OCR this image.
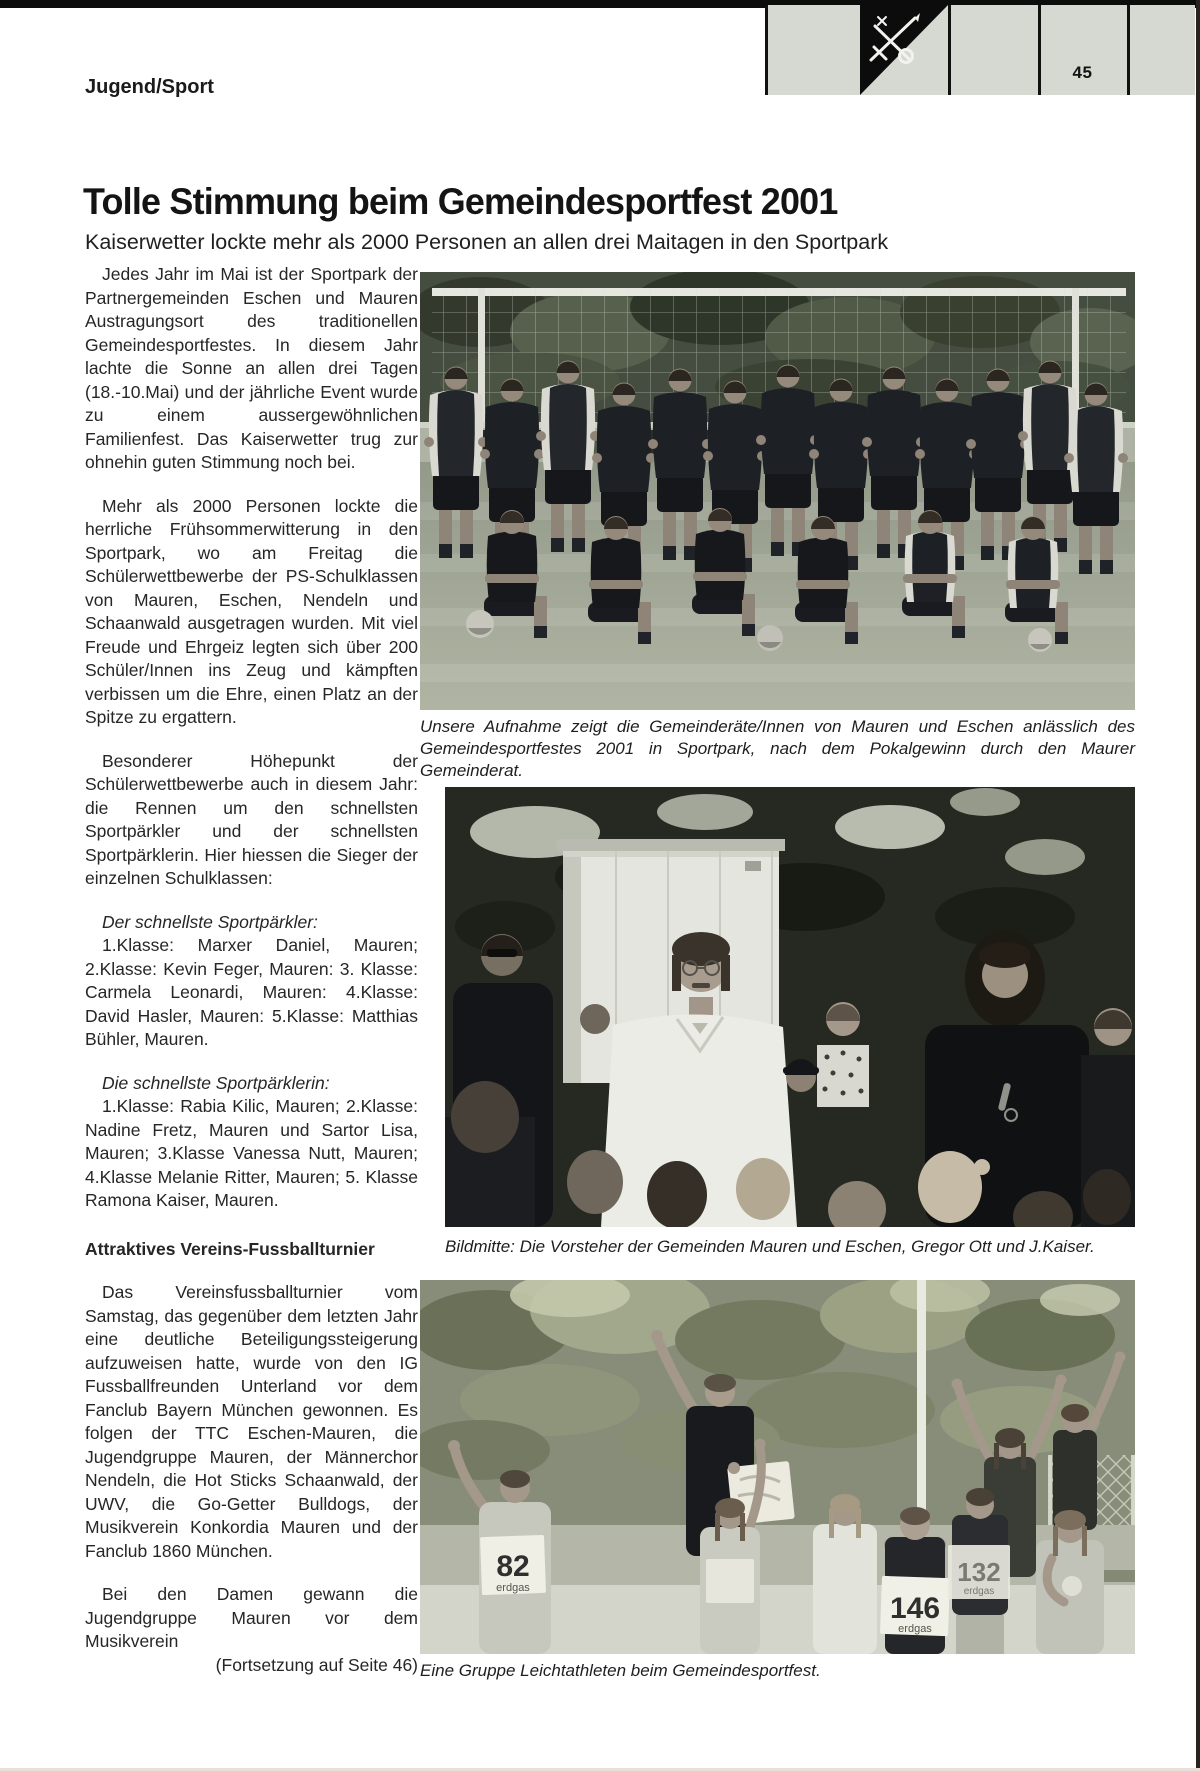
45
Jugend/Sport
Tolle Stimmung beim Gemeindesportfest 2001
Kaiserwetter lockte mehr als 2000 Personen an allen drei Maitagen in den Sportpark

Jedes Jahr im Mai ist der Sportpark der Partnergemeinden Eschen und Mauren Austragungsort des traditionellen Gemeindesportfestes. In diesem Jahr lachte die Sonne an allen drei Tagen (18.-10.Mai) und der jährliche Event wurde zu einem aussergewöhnlichen Familienfest. Das Kaiserwetter trug zur ohnehin guten Stimmung noch bei.

Mehr als 2000 Personen lockte die herrliche Frühsommerwitterung in den Sportpark, wo am Freitag die Schülerwettbewerbe der PS-Schulklassen von Mauren, Eschen, Nendeln und Schaanwald ausgetragen wurden. Mit viel Freude und Ehrgeiz legten sich über 200 Schüler/Innen ins Zeug und kämpften verbissen um die Ehre, einen Platz an der Spitze zu ergattern.

Besonderer Höhepunkt der Schülerwettbewerbe auch in diesem Jahr: die Rennen um den schnellsten Sportpärkler und der schnellsten Sportpärklerin. Hier hiessen die Sieger der einzelnen Schulklassen:

Der schnellste Sportpärkler:

1.Klasse: Marxer Daniel, Mauren; 2.Klasse: Kevin Feger, Mauren: 3. Klasse: Carmela Leonardi, Mauren: 4.Klasse: David Hasler, Mauren: 5.Klasse: Matthias Bühler, Mauren.

Die schnellste Sportpärklerin:

1.Klasse: Rabia Kilic, Mauren; 2.Klasse: Nadine Fretz, Mauren und Sartor Lisa, Mauren; 3.Klasse Vanessa Nutt, Mauren; 4.Klasse Melanie Ritter, Mauren; 5. Klasse Ramona Kaiser, Mauren.

Attraktives Vereins-Fussballturnier

Das Vereinsfussballturnier vom Samstag, das gegenüber dem letzten Jahr eine deutliche Beteiligungssteigerung aufzuweisen hatte, wurde von den IG Fussballfreunden Unterland vor dem Fanclub Bayern München gewonnen. Es folgen der TTC Eschen-Mauren, die Jugendgruppe Mauren, der Männerchor Nendeln, die Hot Sticks Schaanwald, der UWV, die Go-Getter Bulldogs, der Musikverein Konkordia Mauren und der Fanclub 1860 München.

Bei den Damen gewann die Jugendgruppe Mauren vor dem Musikverein

(Fortsetzung auf Seite 46)
Unsere Aufnahme zeigt die Gemeinderäte/Innen von Mauren und Eschen anlässlich des Gemeindesportfestes 2001 in Sportpark, nach dem Pokalgewinn durch den Maurer Gemeinderat.
Bildmitte: Die Vorsteher der Gemeinden Mauren und Eschen, Gregor Ott und J.Kaiser.
82
erdgas
146
erdgas
132
erdgas
Eine Gruppe Leichtathleten beim Gemeindesportfest.
